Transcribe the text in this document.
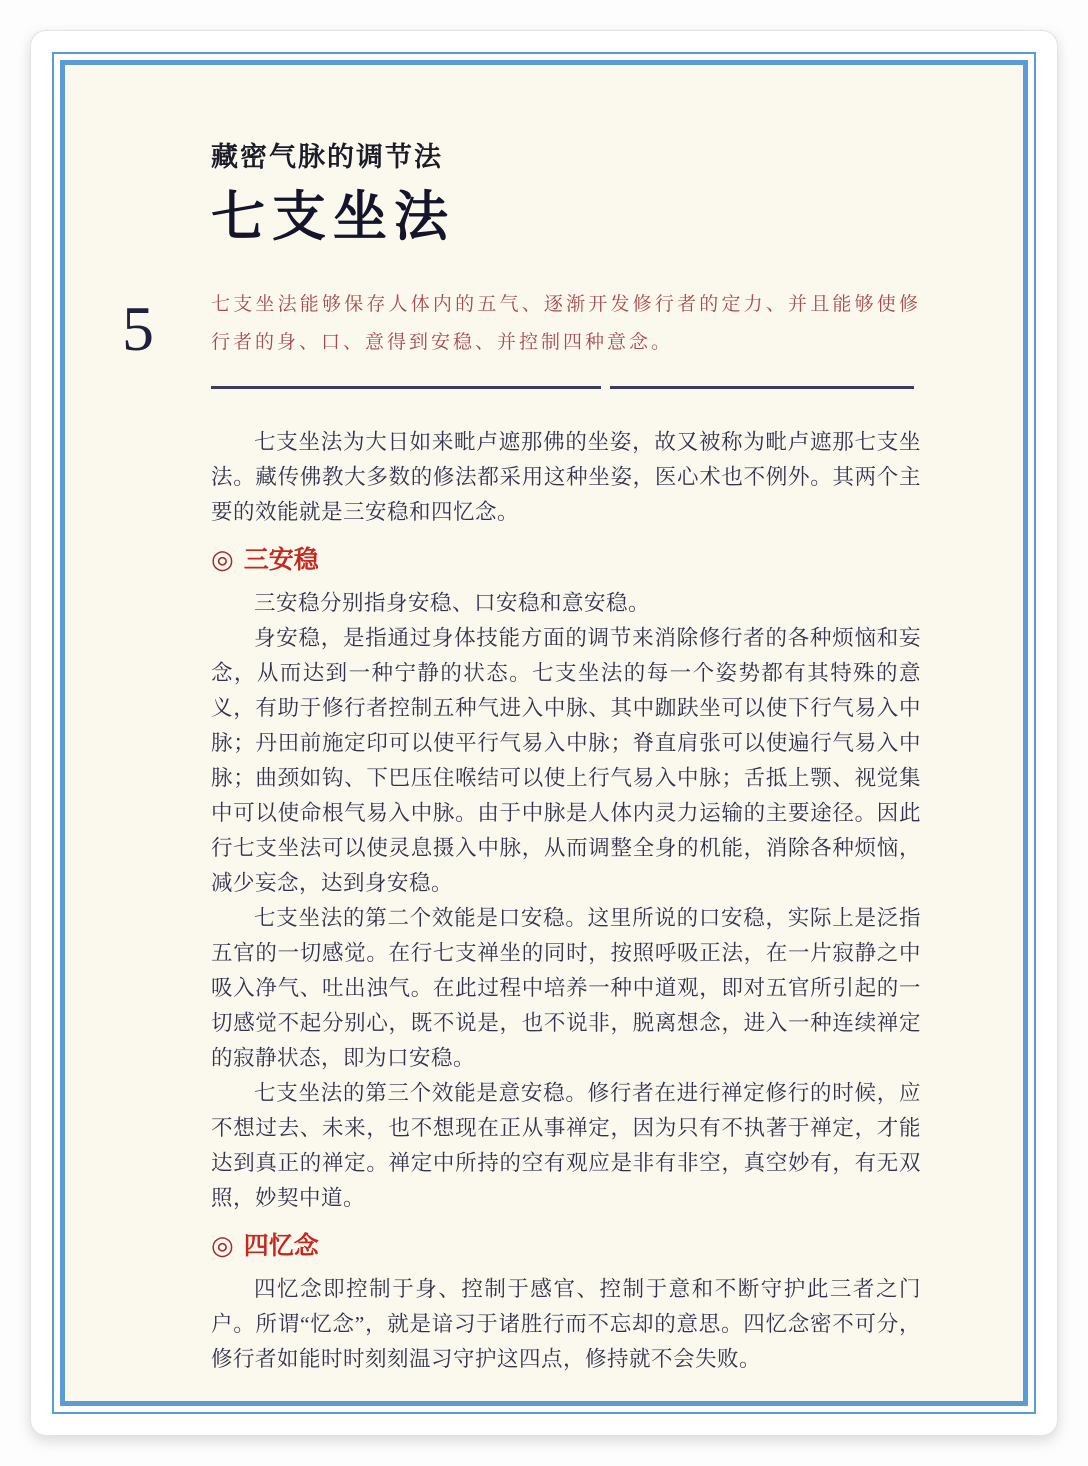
5
藏密气脉的调节法
七支坐法
七支坐法能够保存人体内的五气、逐渐开发修行者的定力、并且能够使修行者的身、口、意得到安稳、并控制四种意念。

七支坐法为大日如来毗卢遮那佛的坐姿，故又被称为毗卢遮那七支坐法。藏传佛教大多数的修法都采用这种坐姿，医心术也不例外。其两个主要的效能就是三安稳和四忆念。

◎ 三安稳

三安稳分别指身安稳、口安稳和意安稳。

身安稳，是指通过身体技能方面的调节来消除修行者的各种烦恼和妄念，从而达到一种宁静的状态。七支坐法的每一个姿势都有其特殊的意义，有助于修行者控制五种气进入中脉、其中跏趺坐可以使下行气易入中脉；丹田前施定印可以使平行气易入中脉；脊直肩张可以使遍行气易入中脉；曲颈如钩、下巴压住喉结可以使上行气易入中脉；舌抵上颚、视觉集中可以使命根气易入中脉。由于中脉是人体内灵力运输的主要途径。因此行七支坐法可以使灵息摄入中脉，从而调整全身的机能，消除各种烦恼，减少妄念，达到身安稳。

七支坐法的第二个效能是口安稳。这里所说的口安稳，实际上是泛指五官的一切感觉。在行七支禅坐的同时，按照呼吸正法，在一片寂静之中吸入净气、吐出浊气。在此过程中培养一种中道观，即对五官所引起的一切感觉不起分别心，既不说是，也不说非，脱离想念，进入一种连续禅定的寂静状态，即为口安稳。

七支坐法的第三个效能是意安稳。修行者在进行禅定修行的时候，应不想过去、未来，也不想现在正从事禅定，因为只有不执著于禅定，才能达到真正的禅定。禅定中所持的空有观应是非有非空，真空妙有，有无双照，妙契中道。

◎ 四忆念

四忆念即控制于身、控制于感官、控制于意和不断守护此三者之门户。所谓“忆念”，就是谙习于诸胜行而不忘却的意思。四忆念密不可分，修行者如能时时刻刻温习守护这四点，修持就不会失败。
